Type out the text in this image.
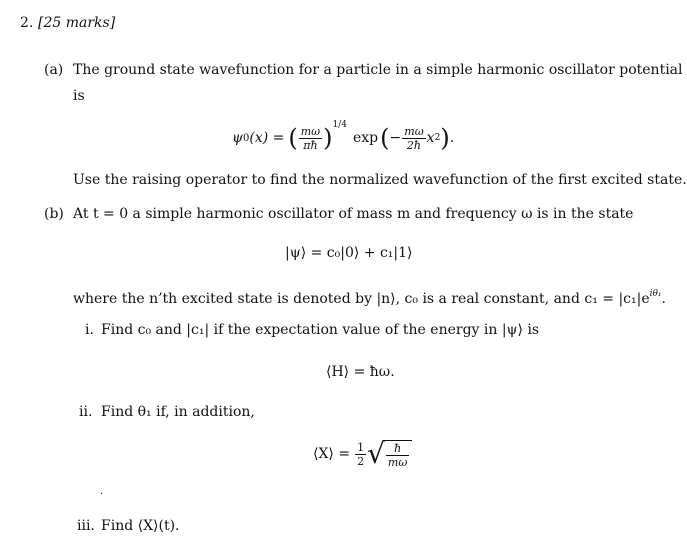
2. [25 marks]
(a) The ground state wavefunction for a particle in a simple harmonic oscillator potential
is
ψ 0 (x) = ( $\frac{m\omega}{\pi ħ}$ ) 1/4
exp ( − $\frac{m\omega}{2ħ}$ x 2 ) .
Use the raising operator to find the normalized wavefunction of the first excited state.
(b) At t = 0 a simple harmonic oscillator of mass m and frequency ω is in the state
|ψ⟩ = c₀|0⟩ + c₁|1⟩
where the n’th excited state is denoted by |n⟩, c₀ is a real constant, and $c_1 = |c_1|e^{i\theta_1}$.
i. Find c₀ and |c₁| if the expectation value of the energy in |ψ⟩ is
⟨H⟩ = ħω.
ii. Find θ₁ if, in addition,
⟨X⟩ = $\frac{1}{2}$ √ $\frac{ħ}{m\omega}$
.
iii. Find ⟨X⟩(t).
